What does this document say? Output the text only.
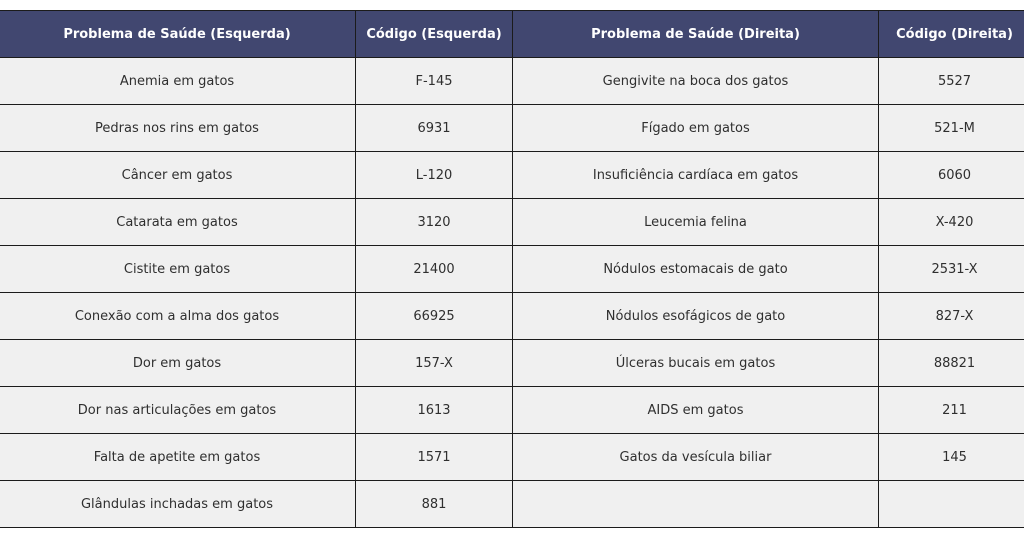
Problema de Saúde (Esquerda)	Código (Esquerda)	Problema de Saúde (Direita)	Código (Direita)
Anemia em gatos	F-145	Gengivite na boca dos gatos	5527
Pedras nos rins em gatos	6931	Fígado em gatos	521-M
Câncer em gatos	L-120	Insuficiência cardíaca em gatos	6060
Catarata em gatos	3120	Leucemia felina	X-420
Cistite em gatos	21400	Nódulos estomacais de gato	2531-X
Conexão com a alma dos gatos	66925	Nódulos esofágicos de gato	827-X
Dor em gatos	157-X	Úlceras bucais em gatos	88821
Dor nas articulações em gatos	1613	AIDS em gatos	211
Falta de apetite em gatos	1571	Gatos da vesícula biliar	145
Glândulas inchadas em gatos	881		
